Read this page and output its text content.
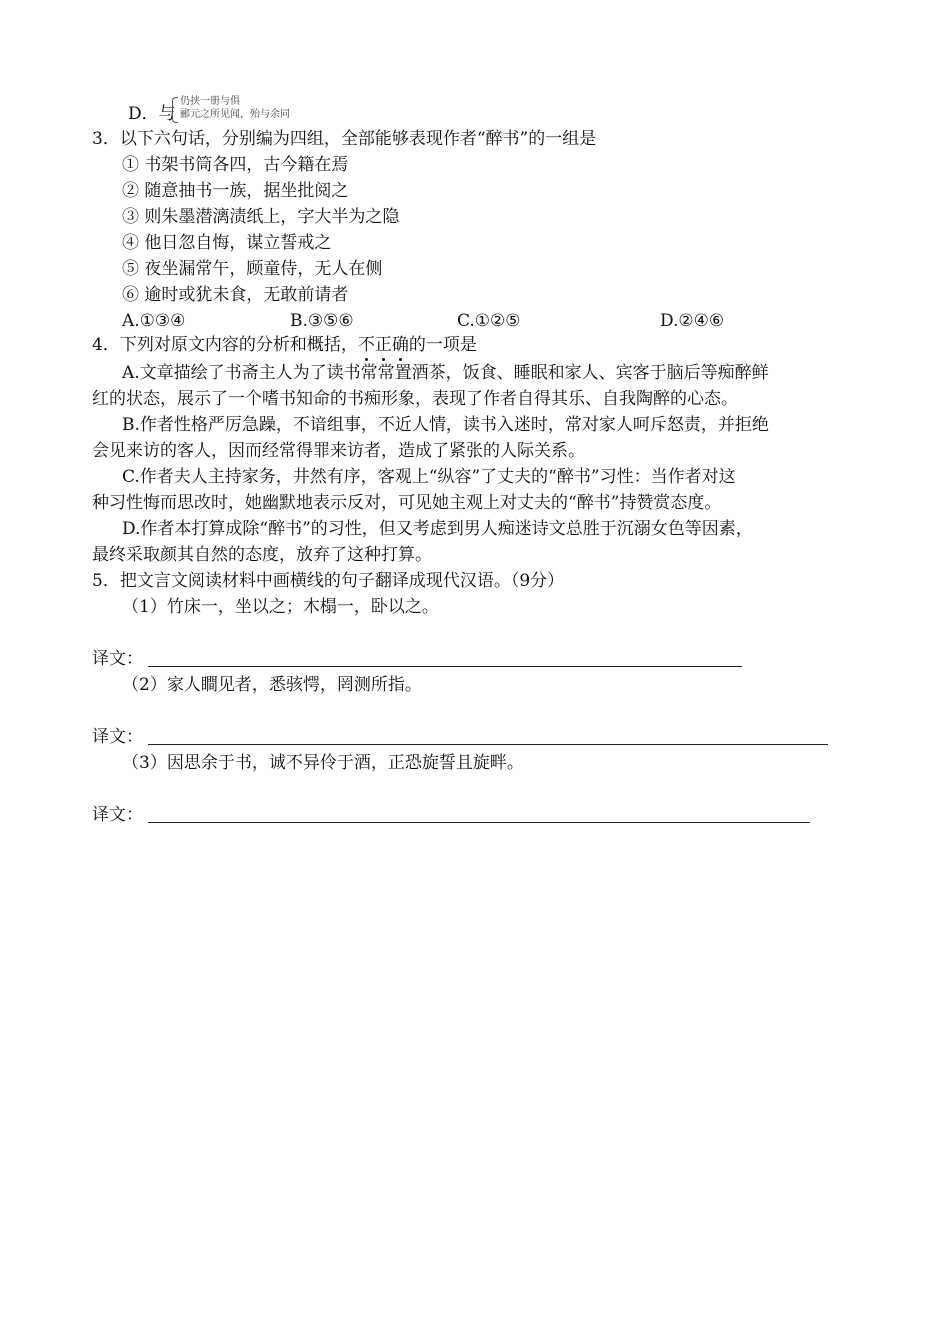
D．与
仍挟一册与俱
郦元之所见闻，殆与余同
3．以下六句话，分别编为四组，全部能够表现作者“醉书”的一组是
① 书架书筒各四，古今籍在焉
② 随意抽书一族，据坐批阅之
③ 则朱墨潜漓渍纸上，字大半为之隐
④ 他日忽自悔，谋立誓戒之
⑤ 夜坐漏常午，顾童侍，无人在侧
⑥ 逾时或犹未食，无敢前请者
A.①③④	B.③⑤⑥	C.①②⑤	D.②④⑥
4．下列对原文内容的分析和概括，不正确的一项是
A.文章描绘了书斋主人为了读书常常置酒茶，饭食、睡眠和家人、宾客于脑后等痴醉鲜
红的状态，展示了一个嗜书知命的书痴形象，表现了作者自得其乐、自我陶醉的心态。
B.作者性格严厉急躁，不谙组事，不近人情，读书入迷时，常对家人呵斥怒责，并拒绝
会见来访的客人，因而经常得罪来访者，造成了紧张的人际关系。
C.作者夫人主持家务，井然有序，客观上“纵容”了丈夫的“醉书”习性：当作者对这
种习性悔而思改时，她幽默地表示反对，可见她主观上对丈夫的“醉书”持赞赏态度。
D.作者本打算成除“醉书”的习性，但又考虑到男人痴迷诗文总胜于沉溺女色等因素，
最终采取颜其自然的态度，放弃了这种打算。
5．把文言文阅读材料中画横线的句子翻译成现代汉语。（9分）
（1）竹床一，坐以之；木榻一，卧以之。
译文：
（2）家人瞷见者，悉骇愕，罔测所指。
译文：
（3）因思余于书，诚不异伶于酒，正恐旋誓且旋畔。
译文：
